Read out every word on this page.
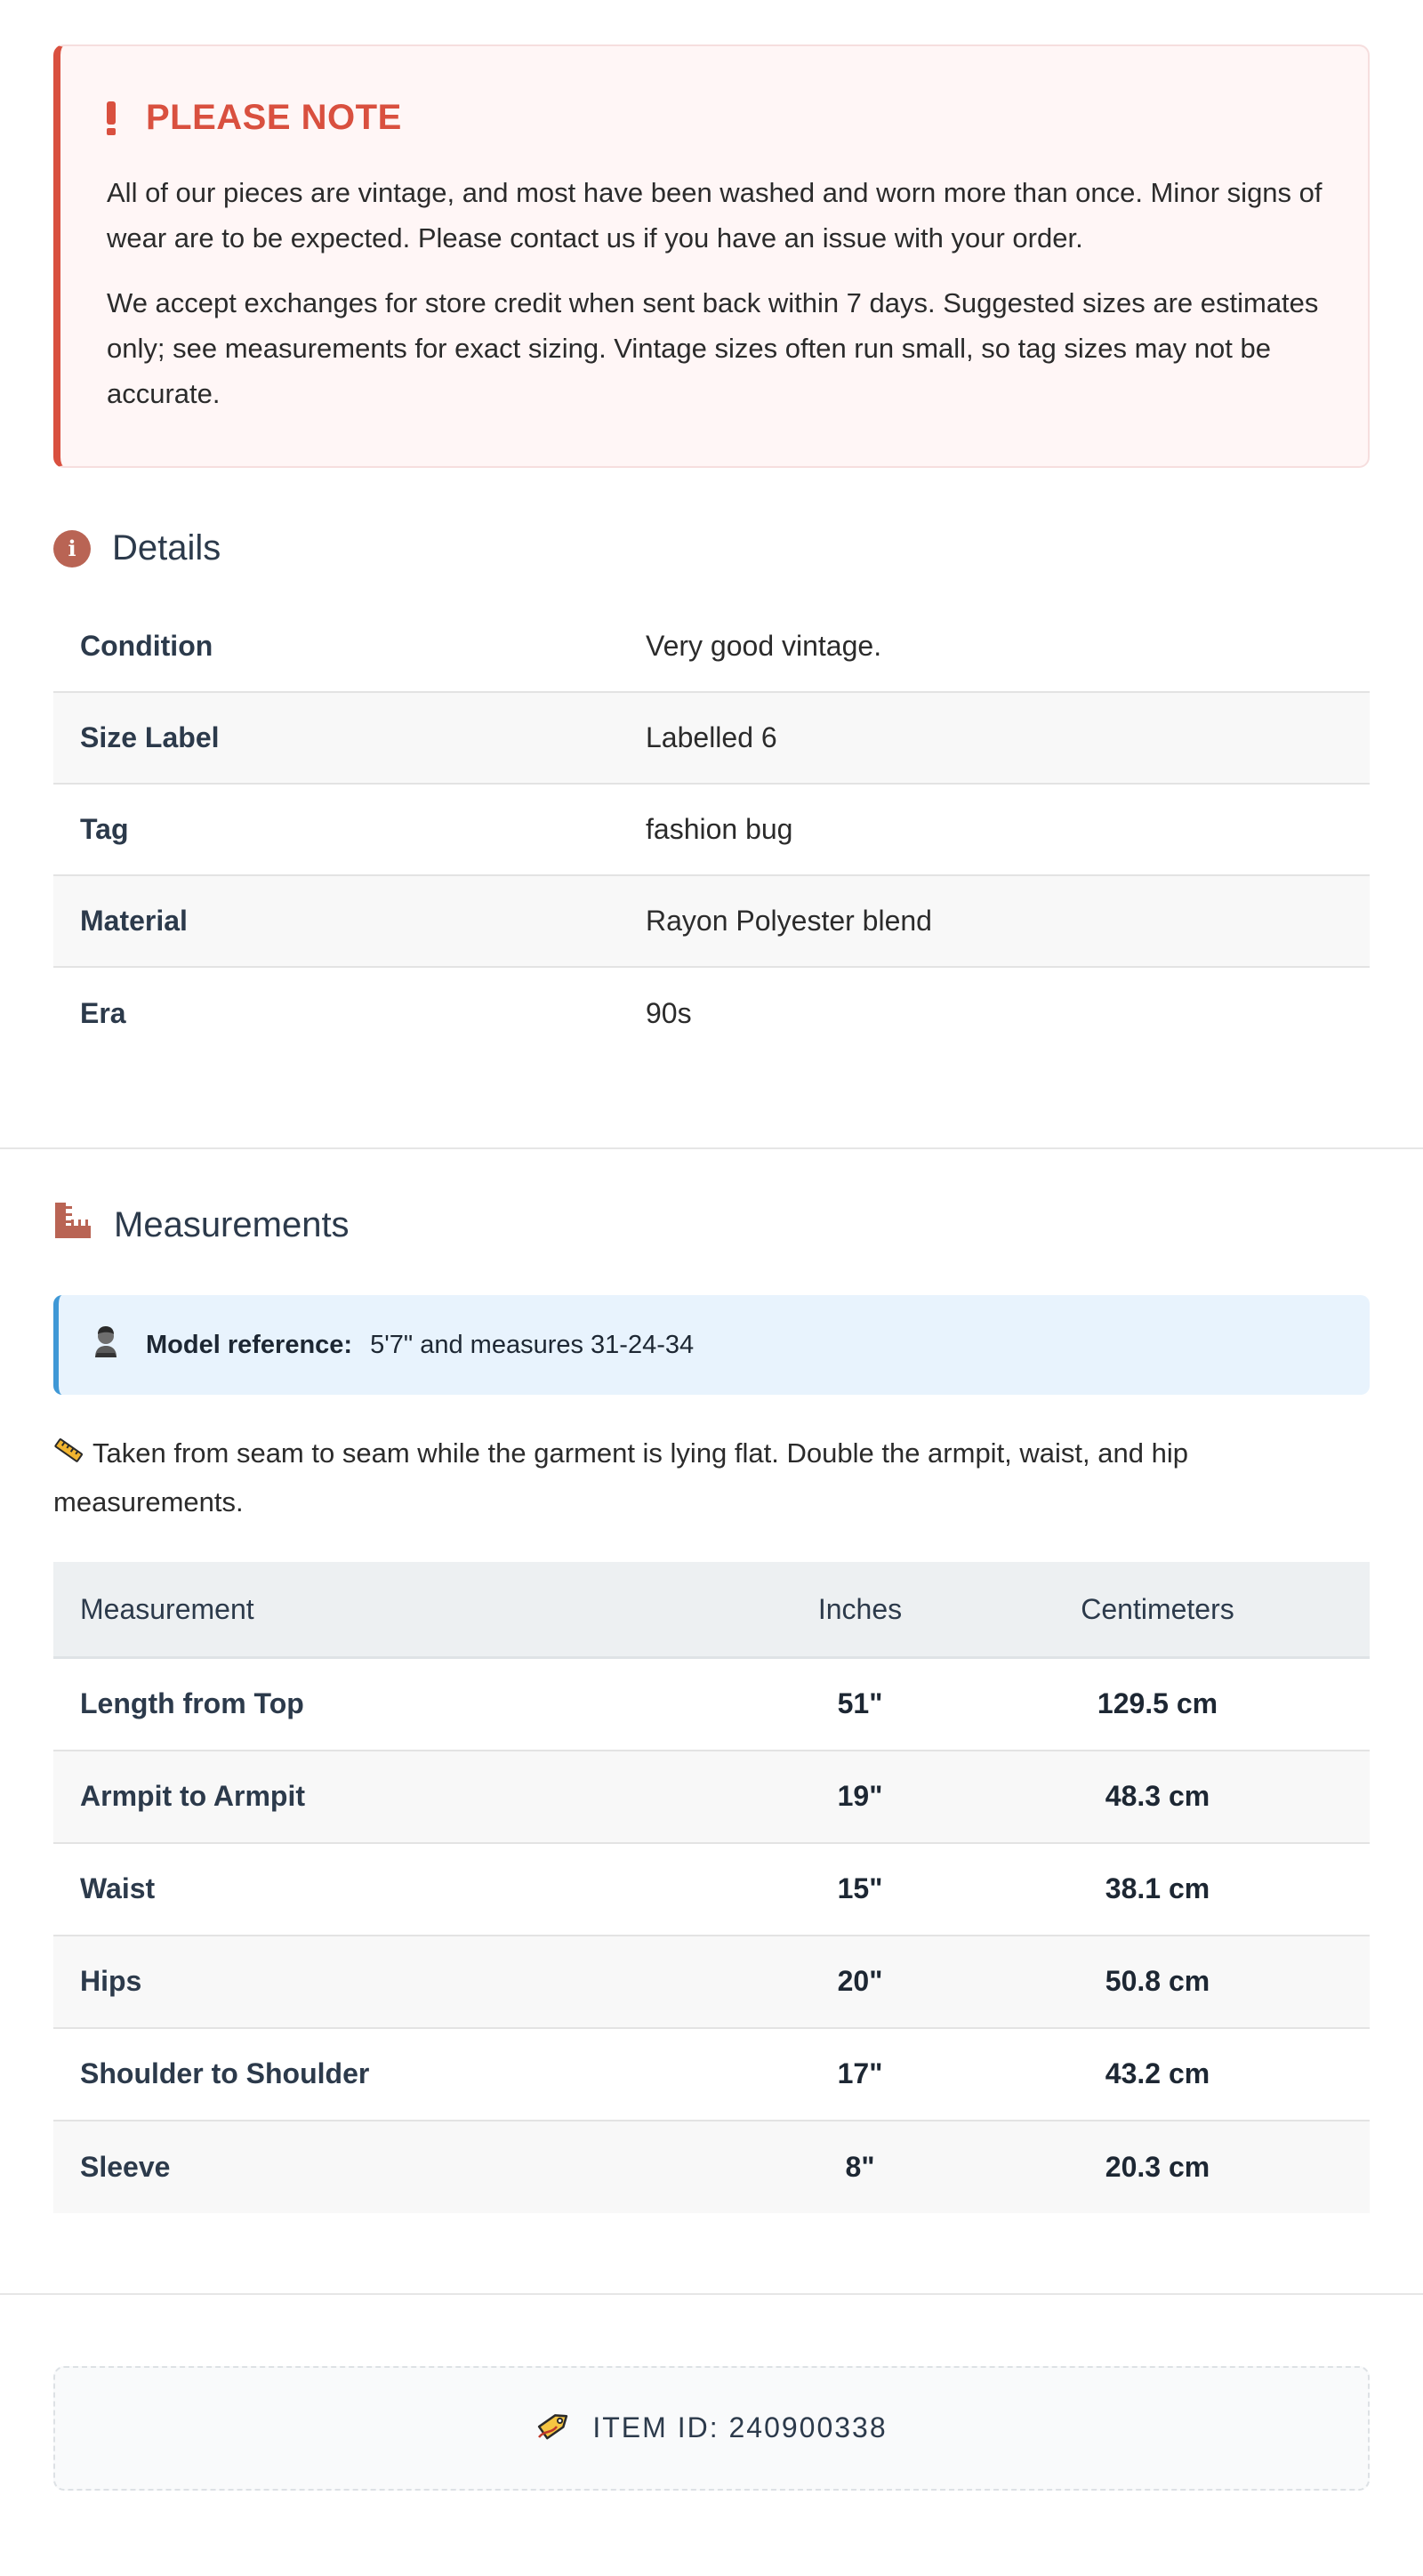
PLEASE NOTE

All of our pieces are vintage, and most have been washed and worn more than once. Minor signs of wear are to be expected. Please contact us if you have an issue with your order.

We accept exchanges for store credit when sent back within 7 days. Suggested sizes are estimates only; see measurements for exact sizing. Vintage sizes often run small, so tag sizes may not be accurate.

i	Details
Condition	Very good vintage.
Size Label	Labelled 6
Tag	fashion bug
Material	Rayon Polyester blend
Era	90s
Measurements
Model reference: 5'7" and measures 31-24-34
Taken from seam to seam while the garment is lying flat. Double the armpit, waist, and hip measurements.
Measurement	Inches	Centimeters
Length from Top	51"	129.5 cm
Armpit to Armpit	19"	48.3 cm
Waist	15"	38.1 cm
Hips	20"	50.8 cm
Shoulder to Shoulder	17"	43.2 cm
Sleeve	8"	20.3 cm
ITEM ID: 240900338
